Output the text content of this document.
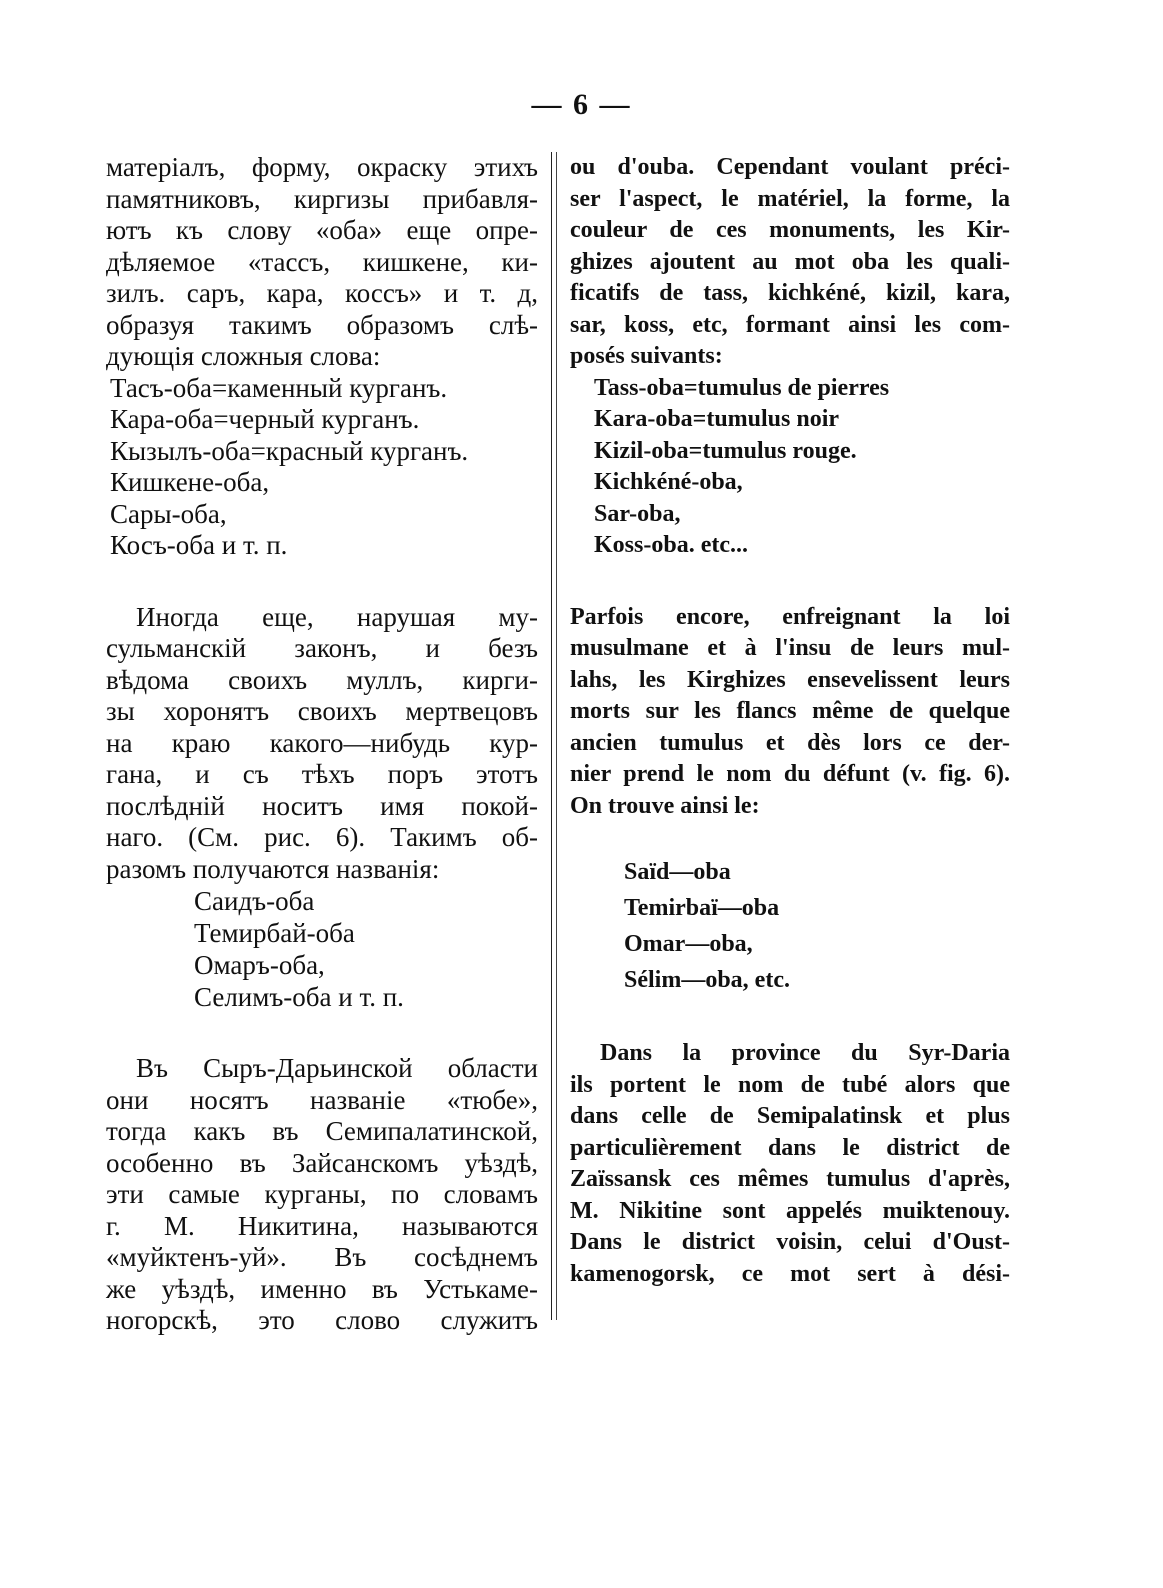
— 6 —
матеріалъ, форму, окраску этихъ
памятниковъ, киргизы прибавля-
ютъ къ слову «оба» еще опре-
дѣляемое «тассъ, кишкене, ки-
зилъ. саръ, кара, коссъ» и т. д,
образуя такимъ образомъ слѣ-
дующія сложныя слова:
Тасъ-оба=каменный курганъ.
Кара-оба=черный курганъ.
Кызылъ-оба=красный курганъ.
Кишкене-оба,
Сары-оба,
Косъ-оба и т. п.
Иногда еще, нарушая му-
сульманскій законъ, и безъ
вѣдома своихъ муллъ, кирги-
зы хоронятъ своихъ мертвецовъ
на краю какого—нибудь кур-
гана, и съ тѣхъ поръ этотъ
послѣдній носитъ имя покой-
наго. (См. рис. 6). Такимъ об-
разомъ получаются названія:
Саидъ-оба
Темирбай-оба
Омаръ-оба,
Селимъ-оба и т. п.
Въ Сыръ-Дарьинской области
они носятъ названіе «тюбе»,
тогда какъ въ Семипалатинской,
особенно въ Зайсанскомъ уѣздѣ,
эти самые курганы, по словамъ
г. М. Никитина, называются
«муйктенъ-уй». Въ сосѣднемъ
же уѣздѣ, именно въ Устькаме-
ногорскѣ, это слово служитъ
ou d'ouba. Cependant voulant préci-
ser l'aspect, le matériel, la forme, la
couleur de ces monuments, les Kir-
ghizes ajoutent au mot oba les quali-
ficatifs de tass, kichkéné, kizil, kara,
sar, koss, etc, formant ainsi les com-
posés suivants:
Tass-oba=tumulus de pierres
Kara-oba=tumulus noir
Kizil-oba=tumulus rouge.
Kichkéné-oba,
Sar-oba,
Koss-oba. etc...
Parfois encore, enfreignant la loi
musulmane et à l'insu de leurs mul-
lahs, les Kirghizes ensevelissent leurs
morts sur les flancs même de quelque
ancien tumulus et dès lors ce der-
nier prend le nom du défunt (v. fig. 6).
On trouve ainsi le:
Saïd—oba
Temirbaï—oba
Omar—oba,
Sélim—oba, etc.
Dans la province du Syr-Daria
ils portent le nom de tubé alors que
dans celle de Semipalatinsk et plus
particulièrement dans le district de
Zaïssansk ces mêmes tumulus d'après,
M. Nikitine sont appelés muiktenouy.
Dans le district voisin, celui d'Oust-
kamenogorsk, ce mot sert à dési-
